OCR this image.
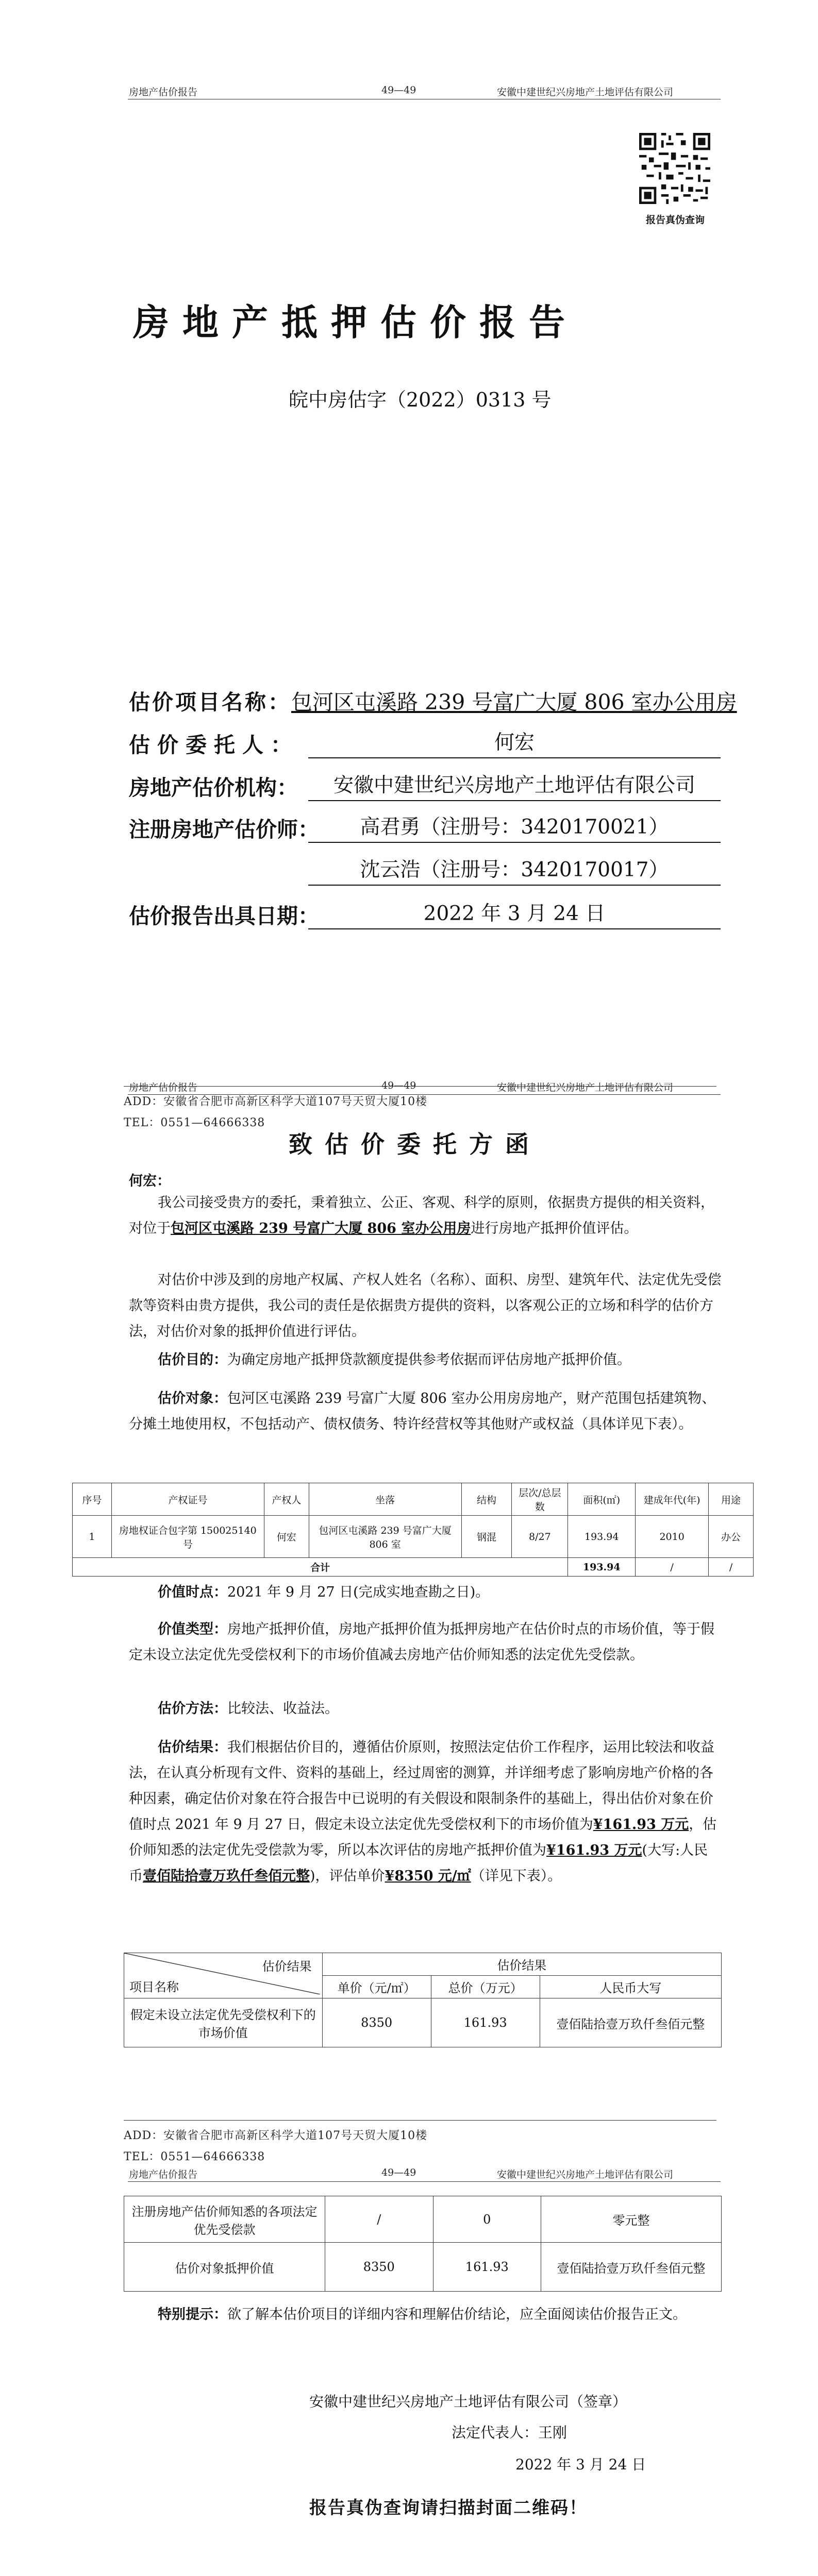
房地产估价报告	49—49	安徽中建世纪兴房地产土地评估有限公司
报告真伪查询
房地产抵押估价报告
皖中房估字（2022）0313 号
估价项目名称：包河区屯溪路 239 号富广大厦 806 室办公用房
估价委托人：	何宏
房地产估价机构：	安徽中建世纪兴房地产土地评估有限公司
注册房地产估价师：	高君勇（注册号：3420170021）
沈云浩（注册号：3420170017）
估价报告出具日期：	2022 年 3 月 24 日
ADD：安徽省合肥市高新区科学大道107号天贸大厦10楼
TEL：0551—64666338
房地产估价报告	49—49	安徽中建世纪兴房地产土地评估有限公司
致估价委托方函
何宏：
我公司接受贵方的委托，秉着独立、公正、客观、科学的原则，依据贵方提供的相关资料，对位于包河区屯溪路 239 号富广大厦 806 室办公用房进行房地产抵押价值评估。
对估价中涉及到的房地产权属、产权人姓名（名称）、面积、房型、建筑年代、法定优先受偿款等资料由贵方提供，我公司的责任是依据贵方提供的资料，以客观公正的立场和科学的估价方法，对估价对象的抵押价值进行评估。
估价目的：为确定房地产抵押贷款额度提供参考依据而评估房地产抵押价值。
估价对象：包河区屯溪路 239 号富广大厦 806 室办公用房房地产，财产范围包括建筑物、分摊土地使用权，不包括动产、债权债务、特许经营权等其他财产或权益（具体详见下表）。
序号	产权证号	产权人	坐落	结构	层次/总层数	面积(㎡)	建成年代(年)	用途
1	房地权证合包字第 150025140 号	何宏	包河区屯溪路 239 号富广大厦 806 室	钢混	8/27	193.94	2010	办公
合计						193.94	/	/
价值时点：2021 年 9 月 27 日(完成实地查勘之日)。
价值类型：房地产抵押价值，房地产抵押价值为抵押房地产在估价时点的市场价值，等于假定未设立法定优先受偿权利下的市场价值减去房地产估价师知悉的法定优先受偿款。
估价方法：比较法、收益法。
估价结果：我们根据估价目的，遵循估价原则，按照法定估价工作程序，运用比较法和收益法，在认真分析现有文件、资料的基础上，经过周密的测算，并详细考虑了影响房地产价格的各种因素，确定估价对象在符合报告中已说明的有关假设和限制条件的基础上，得出估价对象在价值时点 2021 年 9 月 27 日，假定未设立法定优先受偿权利下的市场价值为¥161.93 万元，估价师知悉的法定优先受偿款为零，所以本次评估的房地产抵押价值为¥161.93 万元(大写:人民币壹佰陆拾壹万玖仟叁佰元整)，评估单价¥8350 元/㎡（详见下表）。
估价结果
项目名称	估价结果		
	单价（元/㎡）	总价（万元）	人民币大写
假定未设立法定优先受偿权利下的市场价值	8350	161.93	壹佰陆拾壹万玖仟叁佰元整
ADD：安徽省合肥市高新区科学大道107号天贸大厦10楼
TEL：0551—64666338
房地产估价报告	49—49	安徽中建世纪兴房地产土地评估有限公司
注册房地产估价师知悉的各项法定优先受偿款	/	0	零元整
估价对象抵押价值	8350	161.93	壹佰陆拾壹万玖仟叁佰元整
特别提示：欲了解本估价项目的详细内容和理解估价结论，应全面阅读估价报告正文。
安徽中建世纪兴房地产土地评估有限公司（签章）
法定代表人：王刚
2022 年 3 月 24 日
报告真伪查询请扫描封面二维码！
